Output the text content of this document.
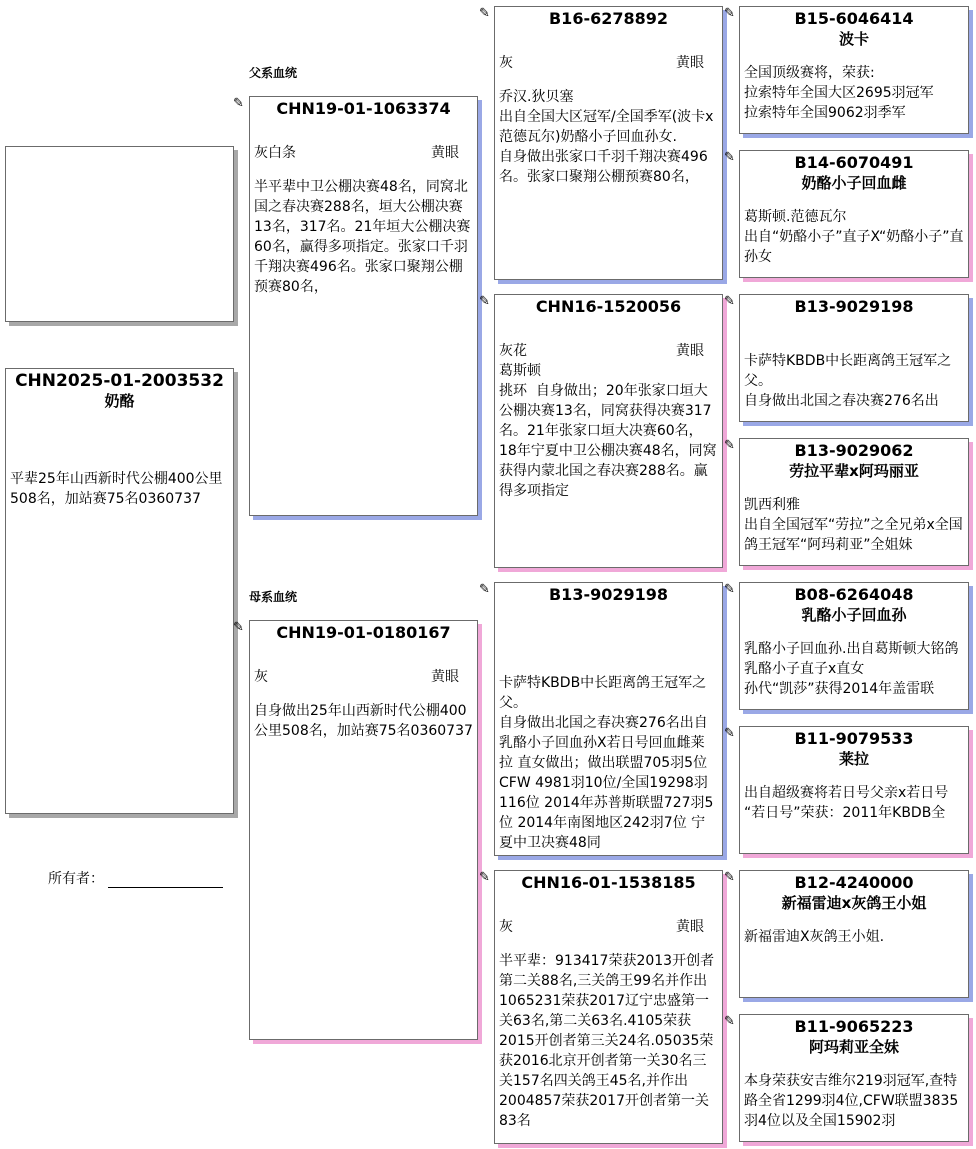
父系血统
母系血统
CHN2025-01-2003532
奶酪
平辈25年山西新时代公棚400公里508名，加站赛75名0360737
所有者：
✎	CHN19-01-1063374
灰白条	黄眼
半平辈中卫公棚决赛48名，同窝北国之春决赛288名，垣大公棚决赛13名，317名。21年垣大公棚决赛60名，赢得多项指定。张家口千羽千翔决赛496名。张家口聚翔公棚预赛80名，
✎	CHN19-01-0180167
灰	黄眼
自身做出25年山西新时代公棚400公里508名，加站赛75名0360737
✎	B16-6278892
灰	黄眼
乔汉.狄贝塞
出自全国大区冠军/全国季军(波卡x范德瓦尔)奶酪小子回血孙女.
自身做出张家口千羽千翔决赛496名。张家口聚翔公棚预赛80名，
✎	CHN16-1520056
灰花	黄眼
葛斯顿
挑环  自身做出；20年张家口垣大公棚决赛13名，同窝获得决赛317名。21年张家口垣大决赛60名，18年宁夏中卫公棚决赛48名，同窝获得内蒙北国之春决赛288名。赢得多项指定
✎	B13-9029198
卡萨特KBDB中长距离鸽王冠军之父。
自身做出北国之春决赛276名出自乳酪小子回血孙X若日号回血雌莱拉 直女做出；做出联盟705羽5位 CFW 4981羽10位/全国19298羽116位 2014年苏普斯联盟727羽5位 2014年南图地区242羽7位 宁夏中卫决赛48同
✎	CHN16-01-1538185
灰	黄眼
半平辈：913417荣获2013开创者第二关88名,三关鸽王99名并作出1065231荣获2017辽宁忠盛第一关63名,第二关63名.4105荣获2015开创者第三关24名.05035荣获2016北京开创者第一关30名三关157名四关鸽王45名,并作出2004857荣获2017开创者第一关83名
✎	B15-6046414
波卡
全国顶级赛将，荣获:
拉索特年全国大区2695羽冠军
拉索特年全国9062羽季军
✎	B14-6070491
奶酪小子回血雌
葛斯顿.范德瓦尔
出自“奶酪小子”直子X“奶酪小子”直孙女
✎	B13-9029198
卡萨特KBDB中长距离鸽王冠军之父。
自身做出北国之春决赛276名出
✎	B13-9029062
劳拉平辈x阿玛丽亚
凯西利雅
出自全国冠军“劳拉”之全兄弟x全国鸽王冠军“阿玛莉亚”全姐妹
✎	B08-6264048
乳酪小子回血孙
乳酪小子回血孙.出自葛斯顿大铭鸽乳酪小子直子x直女
孙代“凯莎”获得2014年盖雷联
✎	B11-9079533
莱拉
出自超级赛将若日号父亲x若日号
“若日号”荣获：2011年KBDB全
✎	B12-4240000
新福雷迪x灰鸽王小姐
新福雷迪X灰鸽王小姐.
✎	B11-9065223
阿玛莉亚全妹
本身荣获安吉维尔219羽冠军,查特路全省1299羽4位,CFW联盟3835羽4位以及全国15902羽
